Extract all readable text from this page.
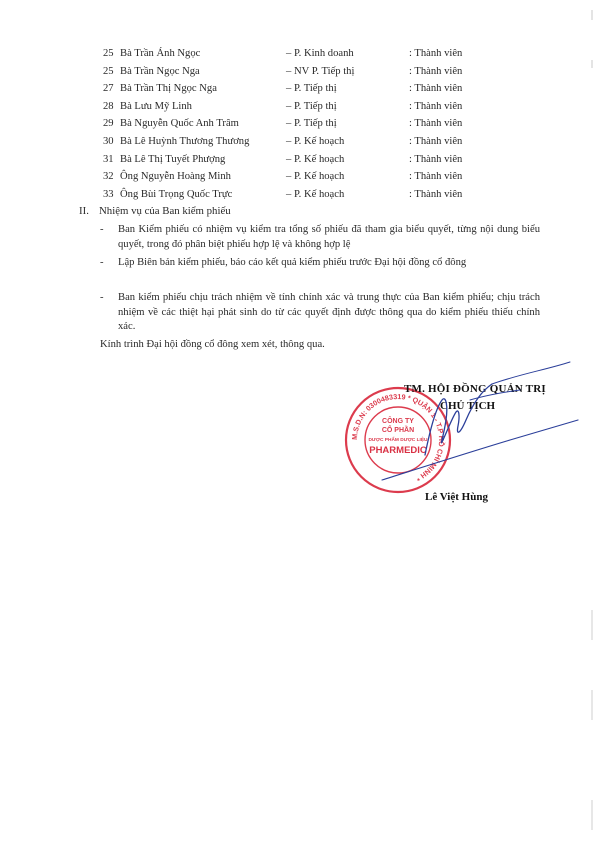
25 Bà Trần Ánh Ngọc	– P. Kinh doanh	: Thành viên
25 Bà Trần Ngọc Nga	– NV P. Tiếp thị	: Thành viên
27 Bà Trần Thị Ngọc Nga	– P. Tiếp thị	: Thành viên
28 Bà Lưu Mỹ Linh	– P. Tiếp thị	: Thành viên
29 Bà Nguyễn Quốc Anh Trâm	– P. Tiếp thị	: Thành viên
30 Bà Lê Huỳnh Thương Thương	– P. Kế hoạch	: Thành viên
31 Bà Lê Thị Tuyết Phượng	– P. Kế hoạch	: Thành viên
32 Ông Nguyễn Hoàng Minh	– P. Kế hoạch	: Thành viên
33 Ông Bùi Trọng Quốc Trực	– P. Kế hoạch	: Thành viên
II. Nhiệm vụ của Ban kiểm phiếu
- Ban Kiểm phiếu có nhiệm vụ kiểm tra tổng số phiếu đã tham gia biểu quyết, từng nội dung biểu quyết, trong đó phân biệt phiếu hợp lệ và không hợp lệ
- Lập Biên bản kiểm phiếu, báo cáo kết quả kiểm phiếu trước Đại hội đồng cổ đông
- Ban kiểm phiếu chịu trách nhiệm về tính chính xác và trung thực của Ban kiểm phiếu; chịu trách nhiệm về các thiệt hại phát sinh do từ các quyết định được thông qua do kiểm phiếu thiếu chính xác.
Kính trình Đại hội đồng cổ đông xem xét, thông qua.
M.S.D.N: 0300483319 * QUẬN 1 - T.P HỒ CHÍ MINH *
CÔNG TY
CỔ PHẦN
DƯỢC PHẨM DƯỢC LIỆU
PHARMEDIC
TM. HỘI ĐỒNG QUẢN TRỊ
CHỦ TỊCH
Lê Việt Hùng
